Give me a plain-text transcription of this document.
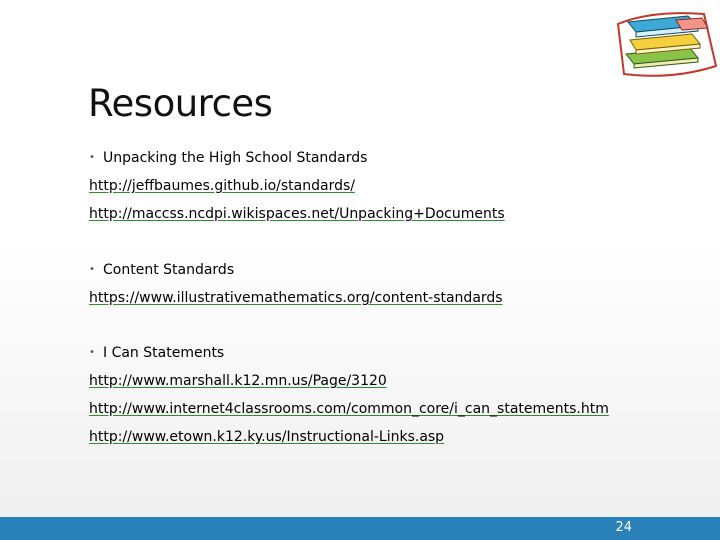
Resources
• Unpacking the High School Standards
http://jeffbaumes.github.io/standards/
http://maccss.ncdpi.wikispaces.net/Unpacking+Documents
• Content Standards
https://www.illustrativemathematics.org/content-standards
• I Can Statements
http://www.marshall.k12.mn.us/Page/3120
http://www.internet4classrooms.com/common_core/i_can_statements.htm
http://www.etown.k12.ky.us/Instructional-Links.asp
24
